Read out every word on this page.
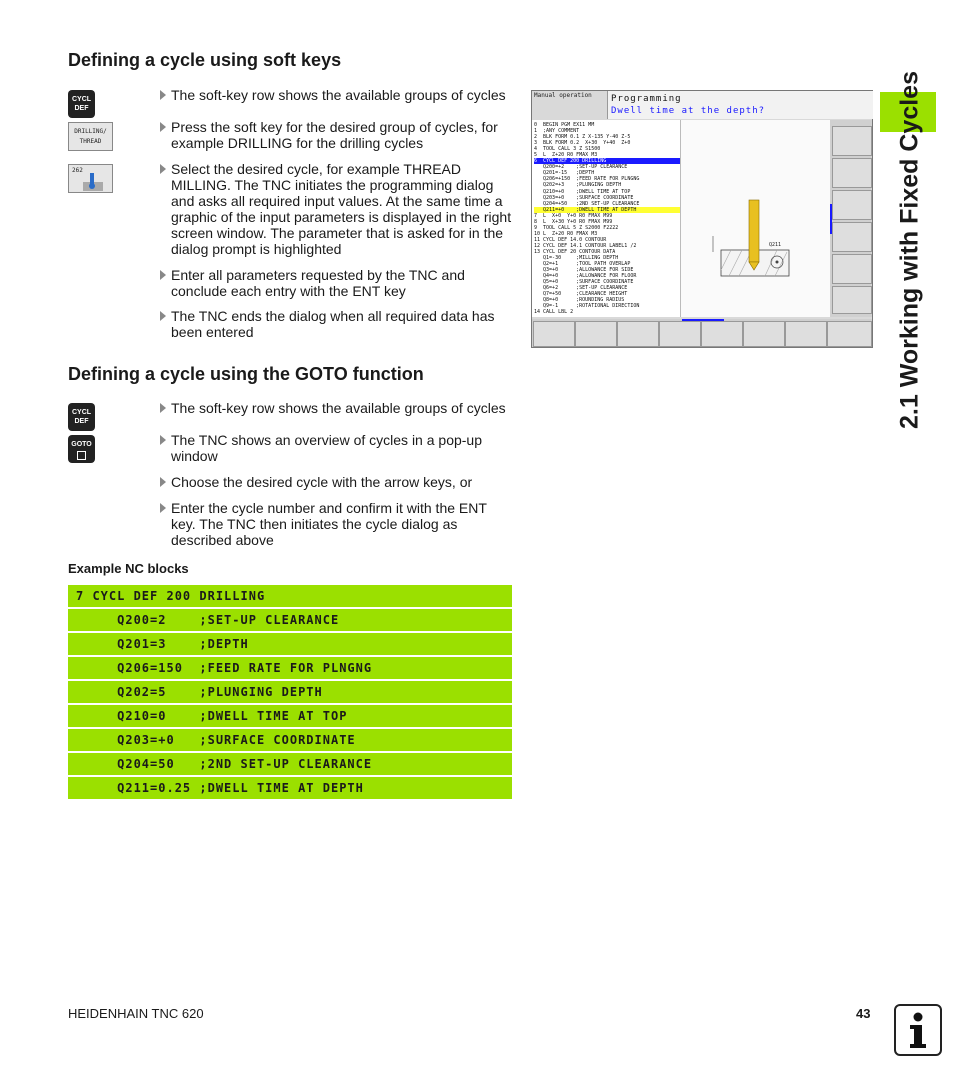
2.1 Working with Fixed Cycles
Defining a cycle using soft keys
CYCL
DEF
DRILLING/
THREAD
262
The soft-key row shows the available groups of cycles
Press the soft key for the desired group of cycles, for example DRILLING for the drilling cycles
Select the desired cycle, for example THREAD MILLING. The TNC initiates the programming dialog and asks all required input values. At the same time a graphic of the input parameters is displayed in the right screen window. The parameter that is asked for in the dialog prompt is highlighted
Enter all parameters requested by the TNC and conclude each entry with the ENT key
The TNC ends the dialog when all required data has been entered
Manual operation Programming
Dwell time at the depth?
0  BEGIN PGM EX11 MM
1  ;ANY COMMENT
2  BLK FORM 0.1 Z X-135 Y-40 Z-5
3  BLK FORM 0.2  X+30  Y+40  Z+0
4  TOOL CALL 3 Z S1500
5  L  Z+20 R0 FMAX M3
6  CYCL DEF 200 DRILLING
Q200=+2    ;SET-UP CLEARANCE
Q201=-15   ;DEPTH
Q206=+150  ;FEED RATE FOR PLNGNG
Q202=+3    ;PLUNGING DEPTH
Q210=+0    ;DWELL TIME AT TOP
Q203=+0    ;SURFACE COORDINATE
Q204=+50   ;2ND SET-UP CLEARANCE
Q211=+0    ;DWELL TIME AT DEPTH
7  L  X+0  Y+0 R0 FMAX M99
8  L  X+30 Y+0 R0 FMAX M99
9  TOOL CALL 5 Z S2000 F2222
10 L  Z+20 R0 FMAX M3
11 CYCL DEF 14.0 CONTOUR
12 CYCL DEF 14.1 CONTOUR LABEL1 /2
13 CYCL DEF 20 CONTOUR DATA
Q1=-30     ;MILLING DEPTH
Q2=+1      ;TOOL PATH OVERLAP
Q3=+0      ;ALLOWANCE FOR SIDE
Q4=+0      ;ALLOWANCE FOR FLOOR
Q5=+0      ;SURFACE COORDINATE
Q6=+2      ;SET-UP CLEARANCE
Q7=+50     ;CLEARANCE HEIGHT
Q8=+0      ;ROUNDING RADIUS
Q9=-1      ;ROTATIONAL DIRECTION
14 CALL LBL 2
Q211
Defining a cycle using the GOTO function
CYCL
DEF
GOTO
The soft-key row shows the available groups of cycles
The TNC shows an overview of cycles in a pop-up window
Choose the desired cycle with the arrow keys, or
Enter the cycle number and confirm it with the ENT key. The TNC then initiates the cycle dialog as described above
Example NC blocks
7 CYCL DEF 200 DRILLING
Q200=2    ;SET-UP CLEARANCE
Q201=3    ;DEPTH
Q206=150  ;FEED RATE FOR PLNGNG
Q202=5    ;PLUNGING DEPTH
Q210=0    ;DWELL TIME AT TOP
Q203=+0   ;SURFACE COORDINATE
Q204=50   ;2ND SET-UP CLEARANCE
Q211=0.25 ;DWELL TIME AT DEPTH
HEIDENHAIN TNC 620	43
